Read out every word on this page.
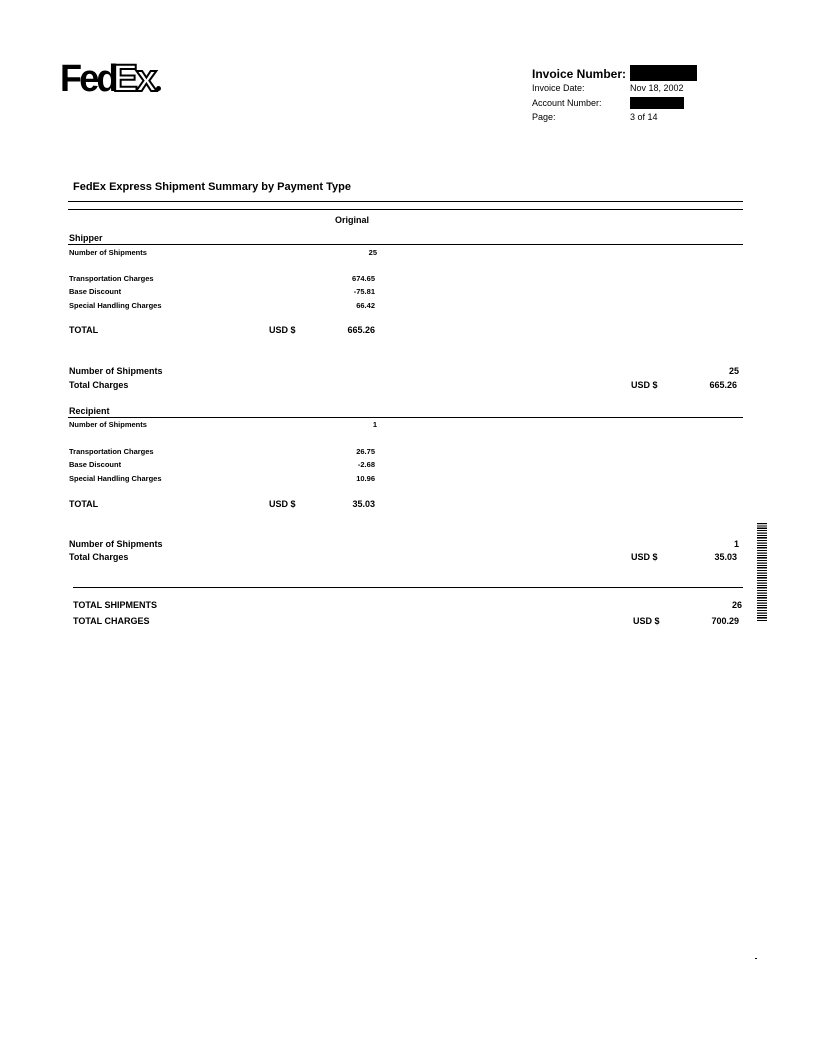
FedEx	Invoice Number:
Invoice Date:	Nov 18, 2002
Account Number:
Page:	3 of 14
FedEx Express Shipment Summary by Payment Type
Original
Shipper
Number of Shipments	25
Transportation Charges	674.65
Base Discount	-75.81
Special Handling Charges	66.42
TOTAL	USD $	665.26
Number of Shipments	25
Total Charges	USD $	665.26
Recipient
Number of Shipments	1
Transportation Charges	26.75
Base Discount	-2.68
Special Handling Charges	10.96
TOTAL	USD $	35.03
Number of Shipments	1
Total Charges	USD $	35.03
TOTAL SHIPMENTS	26
TOTAL CHARGES	USD $	700.29
